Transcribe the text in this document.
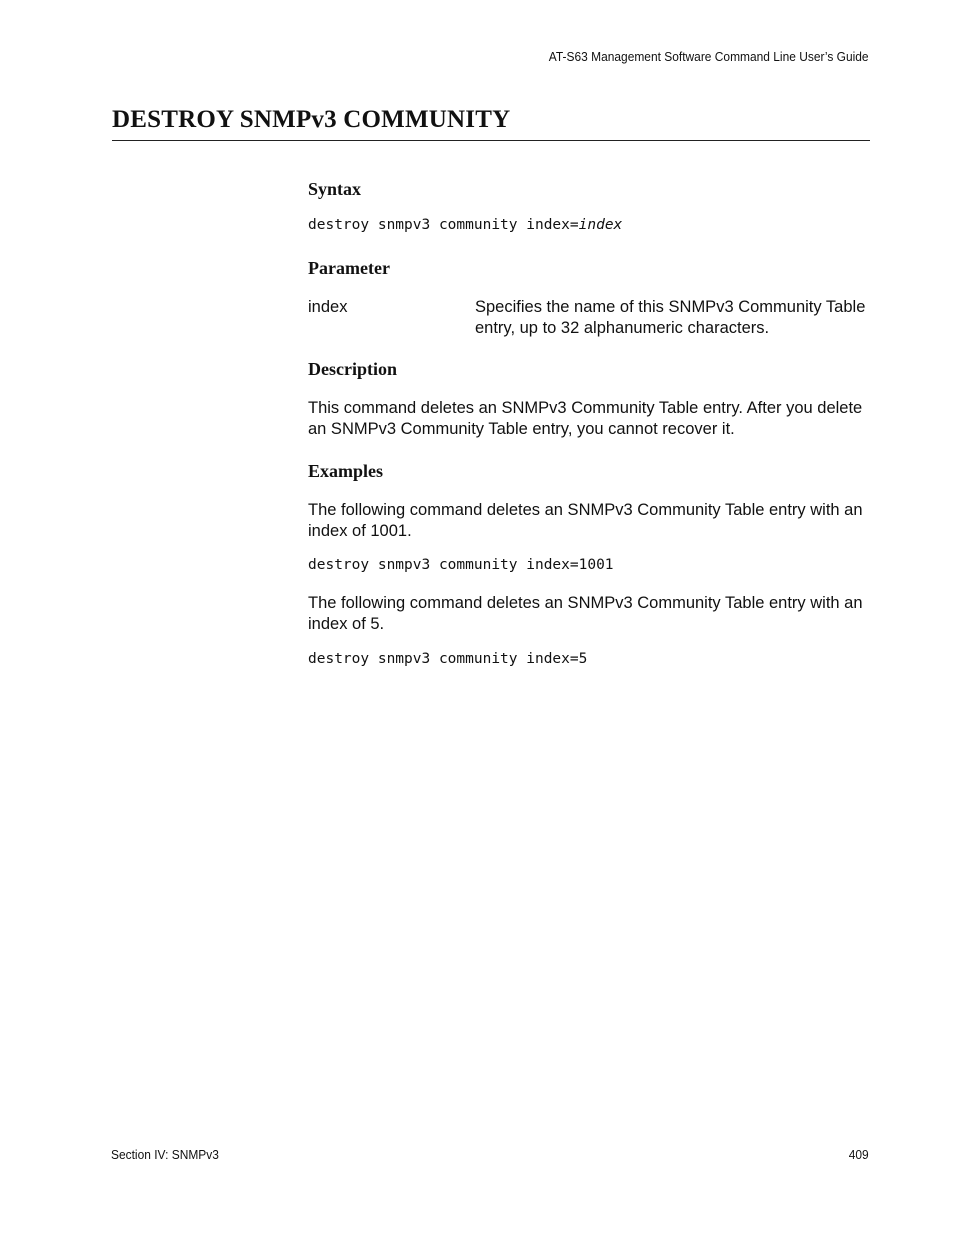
AT-S63 Management Software Command Line User’s Guide
DESTROY SNMPv3 COMMUNITY
Syntax

destroy snmpv3 community index=index

Parameter

index	Specifies the name of this SNMPv3 Community Table entry, up to 32 alphanumeric characters.

Description

This command deletes an SNMPv3 Community Table entry. After you delete an SNMPv3 Community Table entry, you cannot recover it.

Examples

The following command deletes an SNMPv3 Community Table entry with an index of 1001.

destroy snmpv3 community index=1001

The following command deletes an SNMPv3 Community Table entry with an index of 5.

destroy snmpv3 community index=5

Section IV: SNMPv3	409
